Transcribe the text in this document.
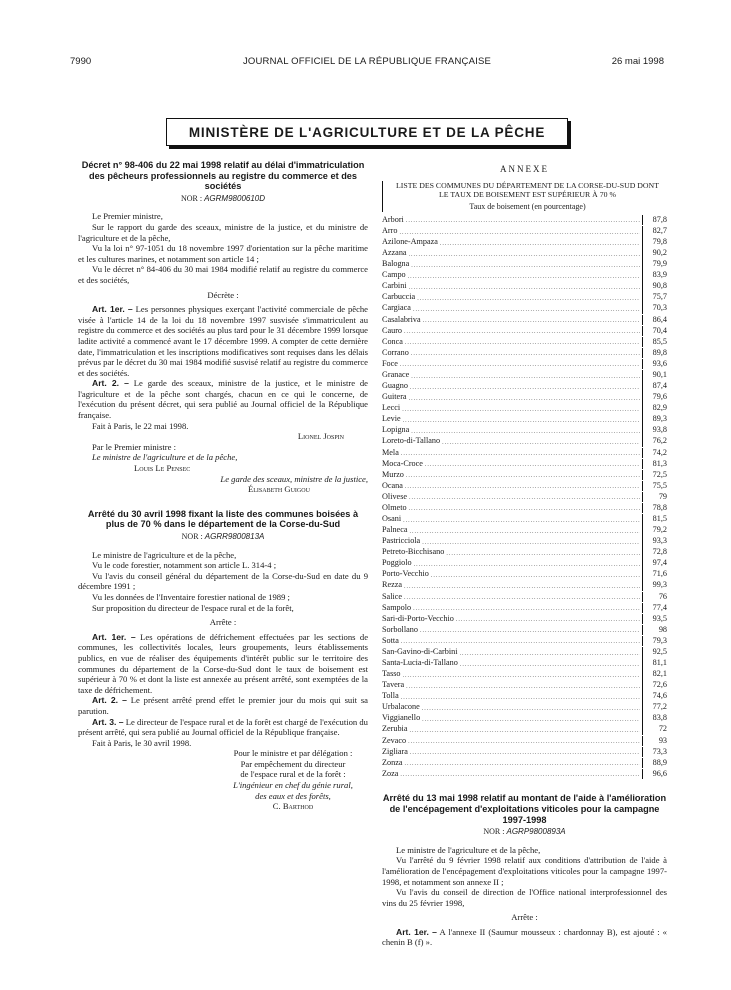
7990	JOURNAL OFFICIEL DE LA RÉPUBLIQUE FRANÇAISE	26 mai 1998
MINISTÈRE DE L'AGRICULTURE ET DE LA PÊCHE
Décret n° 98-406 du 22 mai 1998 relatif au délai d'immatriculation des pêcheurs professionnels au registre du commerce et des sociétés
NOR : AGRM9800610D

Le Premier ministre,

Sur le rapport du garde des sceaux, ministre de la justice, et du ministre de l'agriculture et de la pêche,

Vu la loi n° 97-1051 du 18 novembre 1997 d'orientation sur la pêche maritime et les cultures marines, et notamment son article 14 ;

Vu le décret n° 84-406 du 30 mai 1984 modifié relatif au registre du commerce et des sociétés,

Décrète :

Art. 1er. – Les personnes physiques exerçant l'activité commerciale de pêche visée à l'article 14 de la loi du 18 novembre 1997 susvisée s'immatriculent au registre du commerce et des sociétés au plus tard pour le 31 décembre 1999 lorsque ladite activité a commencé avant le 17 décembre 1999. A compter de cette dernière date, l'immatriculation et les inscriptions modificatives sont requises dans les délais prévus par le décret du 30 mai 1984 modifié susvisé relatif au registre du commerce et des sociétés.

Art. 2. – Le garde des sceaux, ministre de la justice, et le ministre de l'agriculture et de la pêche sont chargés, chacun en ce qui le concerne, de l'exécution du présent décret, qui sera publié au Journal officiel de la République française.

Fait à Paris, le 22 mai 1998.

Lionel Jospin

Par le Premier ministre :

Le ministre de l'agriculture et de la pêche,

Louis Le Pensec

Le garde des sceaux, ministre de la justice,

Élisabeth Guigou

Arrêté du 30 avril 1998 fixant la liste des communes boisées à plus de 70 % dans le département de la Corse-du-Sud
NOR : AGRR9800813A

Le ministre de l'agriculture et de la pêche,

Vu le code forestier, notamment son article L. 314-4 ;

Vu l'avis du conseil général du département de la Corse-du-Sud en date du 9 décembre 1991 ;

Vu les données de l'Inventaire forestier national de 1989 ;

Sur proposition du directeur de l'espace rural et de la forêt,

Arrête :

Art. 1er. – Les opérations de défrichement effectuées par les sections de communes, les collectivités locales, leurs groupements, leurs établissements publics, en vue de réaliser des équipements d'intérêt public sur le territoire des communes du département de la Corse-du-Sud dont le taux de boisement est supérieur à 70 % et dont la liste est annexée au présent arrêté, sont exemptées de la taxe de défrichement.

Art. 2. – Le présent arrêté prend effet le premier jour du mois qui suit sa parution.

Art. 3. – Le directeur de l'espace rural et de la forêt est chargé de l'exécution du présent arrêté, qui sera publié au Journal officiel de la République française.

Fait à Paris, le 30 avril 1998.

Pour le ministre et par délégation :
Par empêchement du directeur
de l'espace rural et de la forêt :
L'ingénieur en chef du génie rural,
des eaux et des forêts,
C. Barthod
ANNEXE
LISTE DES COMMUNES DU DÉPARTEMENT DE LA CORSE-DU-SUD DONT LE TAUX DE BOISEMENT EST SUPÉRIEUR À 70 %
Taux de boisement (en pourcentage)
Arbori .....	87,8
Arro .....	82,7
Azilone-Ampaza .....	79,8
Azzana .....	90,2
Balogna .....	79,9
Campo .....	83,9
Carbini .....	90,8
Carbuccia .....	75,7
Cargiaca .....	70,3
Casalabriva .....	86,4
Cauro .....	70,4
Conca .....	85,5
Corrano .....	89,8
Foce .....	93,6
Granace .....	90,1
Guagno .....	87,4
Guitera .....	79,6
Lecci .....	82,9
Levie .....	89,3
Lopigna .....	93,8
Loreto-di-Tallano .....	76,2
Mela .....	74,2
Moca-Croce .....	81,3
Murzo .....	72,5
Ocana .....	75,5
Olivese .....	79
Olmeto .....	78,8
Osani .....	81,5
Palneca .....	79,2
Pastricciola .....	93,3
Petreto-Bicchisano .....	72,8
Poggiolo .....	97,4
Porto-Vecchio .....	71,6
Rezza .....	99,3
Salice .....	76
Sampolo .....	77,4
Sari-di-Porto-Vecchio .....	93,5
Sorbollano .....	98
Sotta .....	79,3
San-Gavino-di-Carbini .....	92,5
Santa-Lucia-di-Tallano .....	81,1
Tasso .....	82,1
Tavera .....	72,6
Tolla .....	74,6
Urbalacone .....	77,2
Viggianello .....	83,8
Zerubia .....	72
Zevaco .....	93
Zigliara .....	73,3
Zonza .....	88,9
Zoza .....	96,6
Arrêté du 13 mai 1998 relatif au montant de l'aide à l'amélioration de l'encépagement d'exploitations viticoles pour la campagne 1997-1998
NOR : AGRP9800893A

Le ministre de l'agriculture et de la pêche,

Vu l'arrêté du 9 février 1998 relatif aux conditions d'attribution de l'aide à l'amélioration de l'encépagement d'exploitations viticoles pour la campagne 1997-1998, et notamment son annexe II ;

Vu l'avis du conseil de direction de l'Office national interprofessionnel des vins du 25 février 1998,

Arrête :

Art. 1er. – A l'annexe II (Saumur mousseux : chardonnay B), est ajouté : « chenin B (f) ».
